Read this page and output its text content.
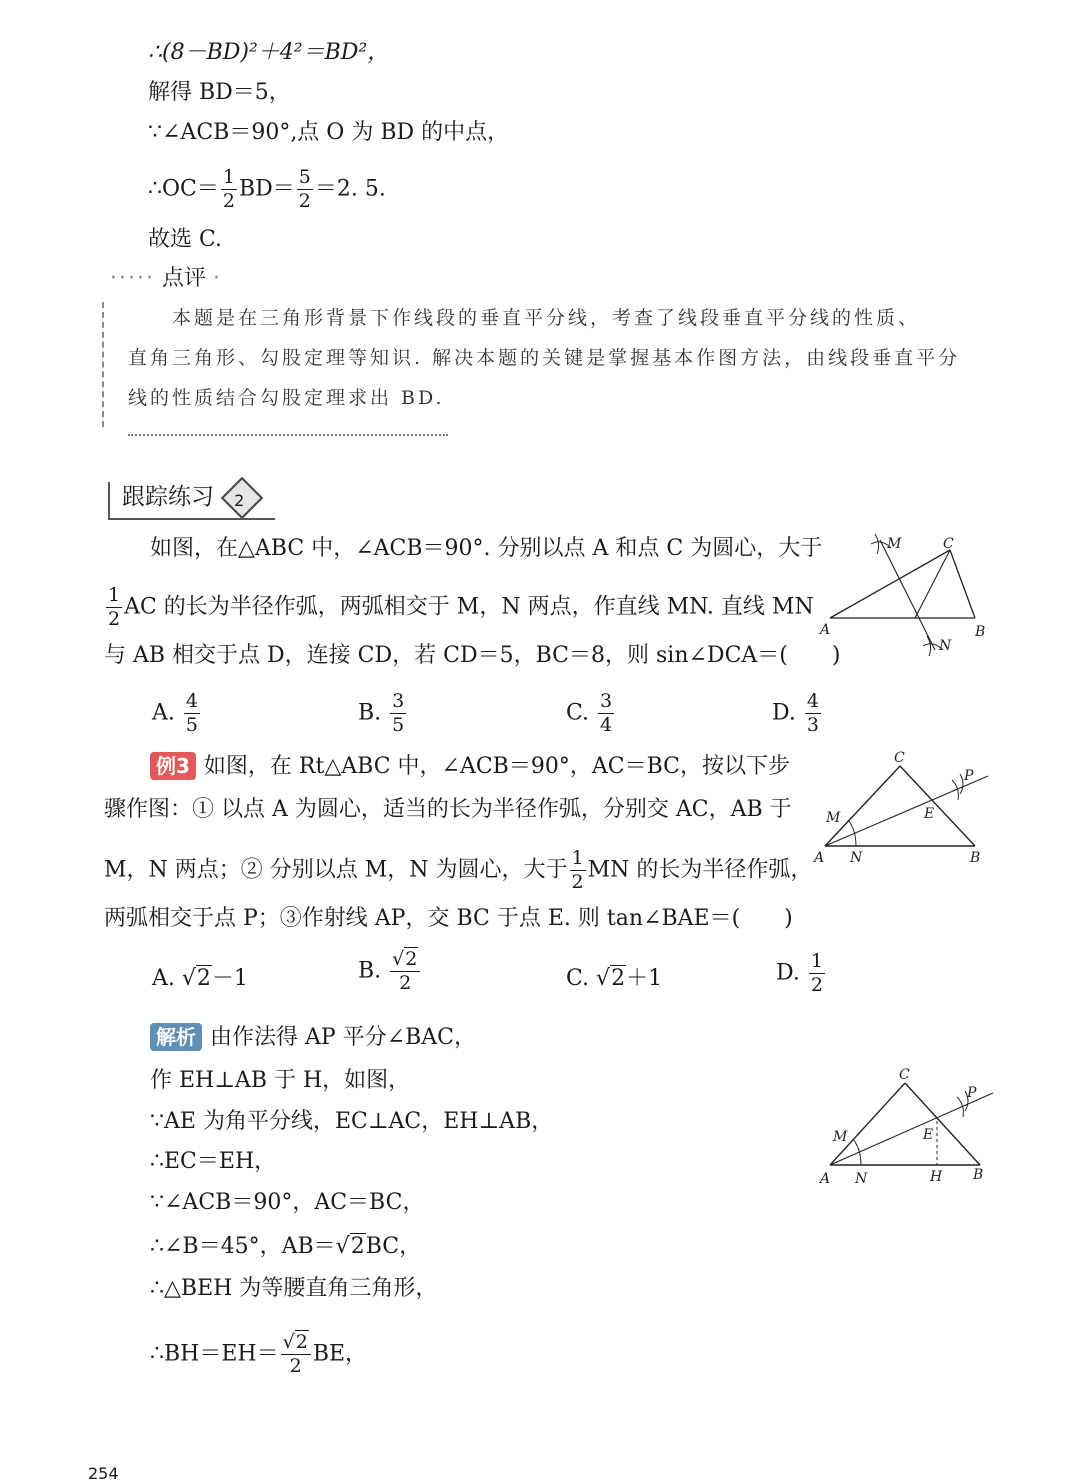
∴(8－BD)²＋4²＝BD²，
解得 BD＝5，
∵∠ACB＝90°,点 O 为 BD 的中点，
∴OC＝ $\frac{1}{2} BD= \frac{5}{2} =2$. 5.
故选 C.
····· 点评 ·
本题是在三角形背景下作线段的垂直平分线，考查了线段垂直平分线的性质、
直角三角形、勾股定理等知识. 解决本题的关键是掌握基本作图方法，由线段垂直平分
线的性质结合勾股定理求出 BD.
跟踪练习 2
如图，在△ABC 中，∠ACB＝90°. 分别以点 A 和点 C 为圆心，大于
$\frac{1}{2}$ AC 的长为半径作弧，两弧相交于 M，N 两点，作直线 MN. 直线 MN
与 AB 相交于点 D，连接 CD，若 CD＝5，BC＝8，则 sin∠DCA＝(　　)
M	C
A	B
N
A. $\frac{4}{5}$	B. $\frac{3}{5}$	C. $\frac{3}{4}$	D. $\frac{4}{3}$
例3 如图，在 Rt△ABC 中，∠ACB＝90°，AC＝BC，按以下步
骤作图：① 以点 A 为圆心，适当的长为半径作弧，分别交 AC，AB 于
M，N 两点；② 分别以点 M，N 为圆心，大于 $\frac{1}{2}$ MN 的长为半径作弧，
两弧相交于点 P；③作射线 AP，交 BC 于点 E. 则 tan∠BAE＝(　　)
C
P
M	E
A N	B
A. √2－1	B. $\frac{√2}{2}$	C. √2＋1	D. $\frac{1}{2}$
解析 由作法得 AP 平分∠BAC，
作 EH⊥AB 于 H，如图，
∵AE 为角平分线，EC⊥AC，EH⊥AB，
∴EC＝EH，
∵∠ACB＝90°，AC＝BC，
∴∠B＝45°，AB＝√2BC，
∴△BEH 为等腰直角三角形，
∴BH＝EH＝ $\frac{√2}{2}$ BE，
C
P
M	E
A N	H B
254
